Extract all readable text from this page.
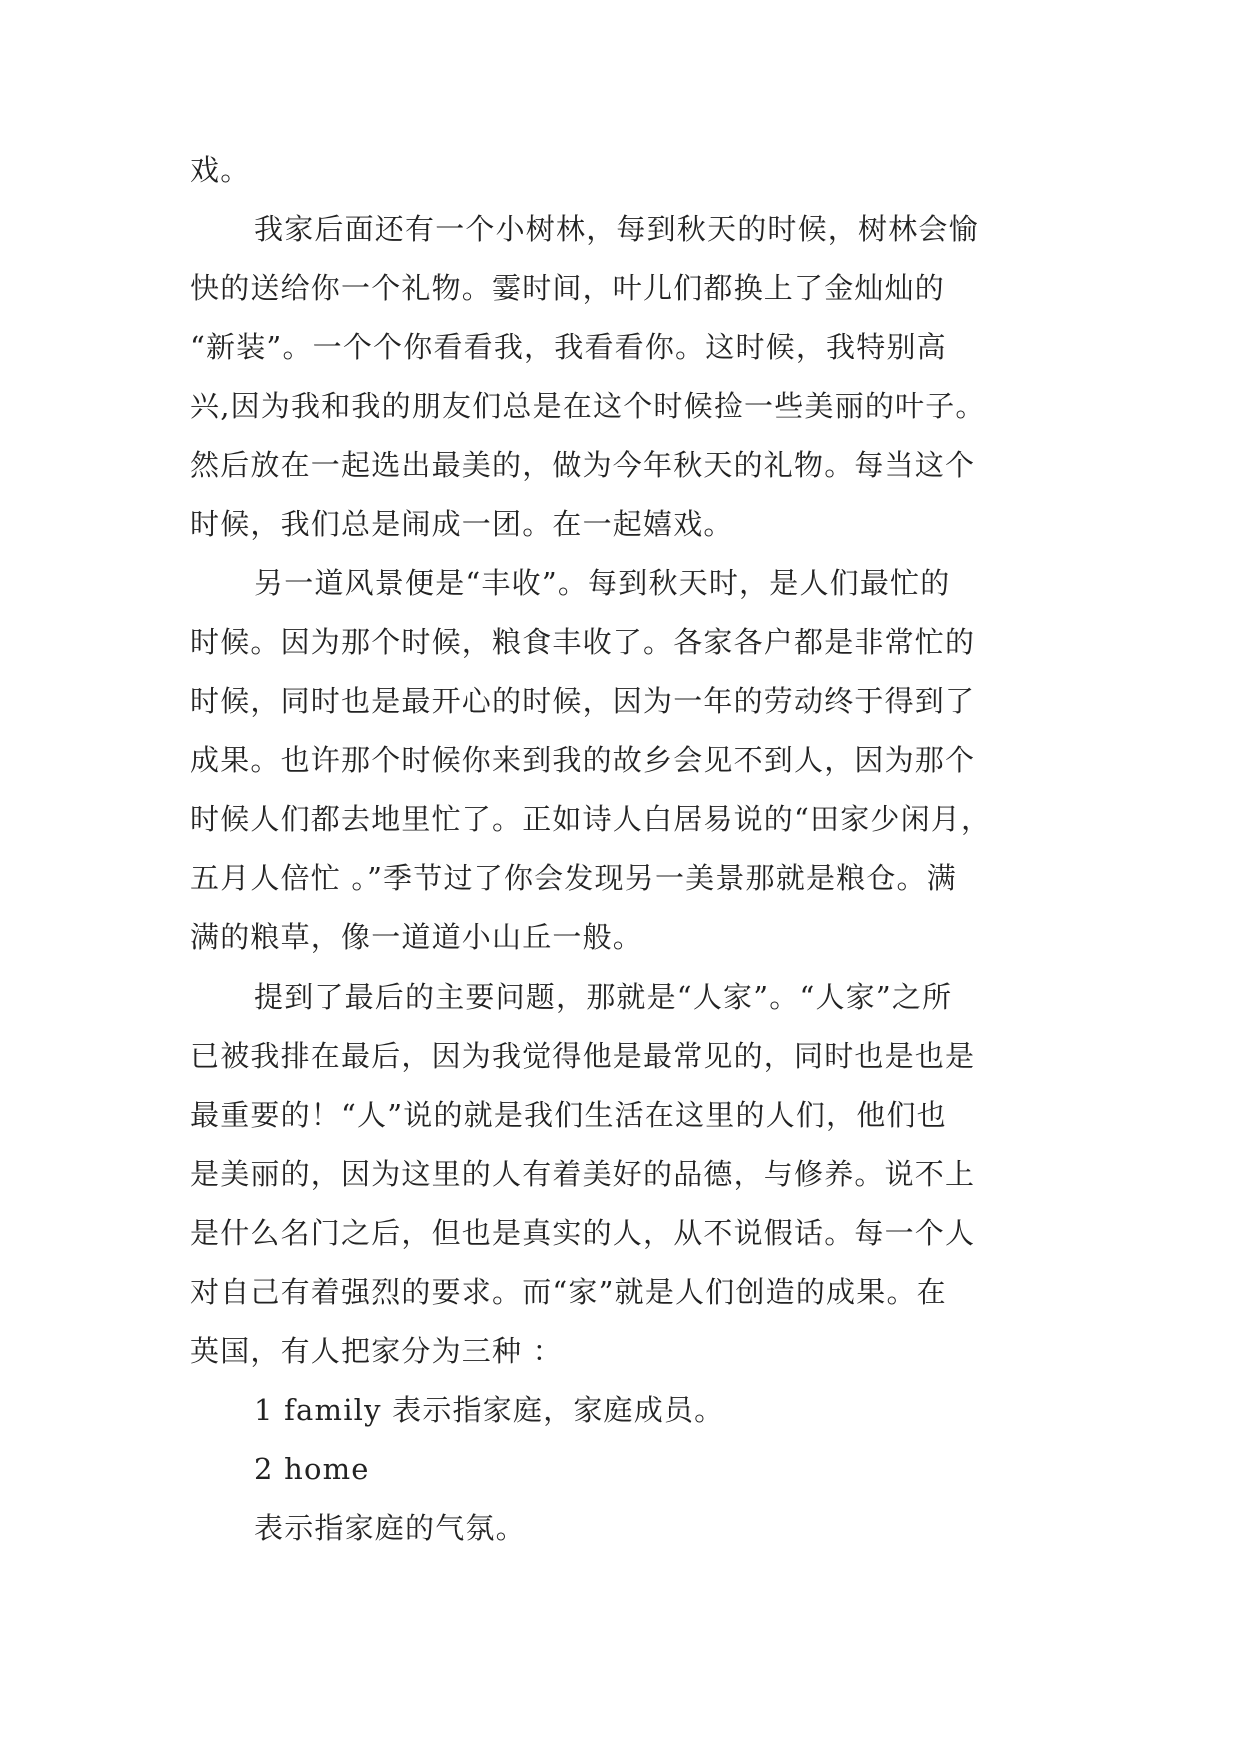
戏。
我家后面还有一个小树林，每到秋天的时候，树林会愉
快的送给你一个礼物。霎时间，叶儿们都换上了金灿灿的
“新装”。一个个你看看我，我看看你。这时候，我特别高
兴,因为我和我的朋友们总是在这个时候捡一些美丽的叶子。
然后放在一起选出最美的，做为今年秋天的礼物。每当这个
时候，我们总是闹成一团。在一起嬉戏。
另一道风景便是“丰收”。每到秋天时，是人们最忙的
时候。因为那个时候，粮食丰收了。各家各户都是非常忙的
时候，同时也是最开心的时候，因为一年的劳动终于得到了
成果。也许那个时候你来到我的故乡会见不到人，因为那个
时候人们都去地里忙了。正如诗人白居易说的“田家少闲月，
五月人倍忙 。”季节过了你会发现另一美景那就是粮仓。满
满的粮草，像一道道小山丘一般。
提到了最后的主要问题，那就是“人家”。“人家”之所
已被我排在最后，因为我觉得他是最常见的，同时也是也是
最重要的！“人”说的就是我们生活在这里的人们，他们也
是美丽的，因为这里的人有着美好的品德，与修养。说不上
是什么名门之后，但也是真实的人，从不说假话。每一个人
对自己有着强烈的要求。而“家”就是人们创造的成果。在
英国，有人把家分为三种 ：
1 family 表示指家庭，家庭成员。
2 home
表示指家庭的气氛。
